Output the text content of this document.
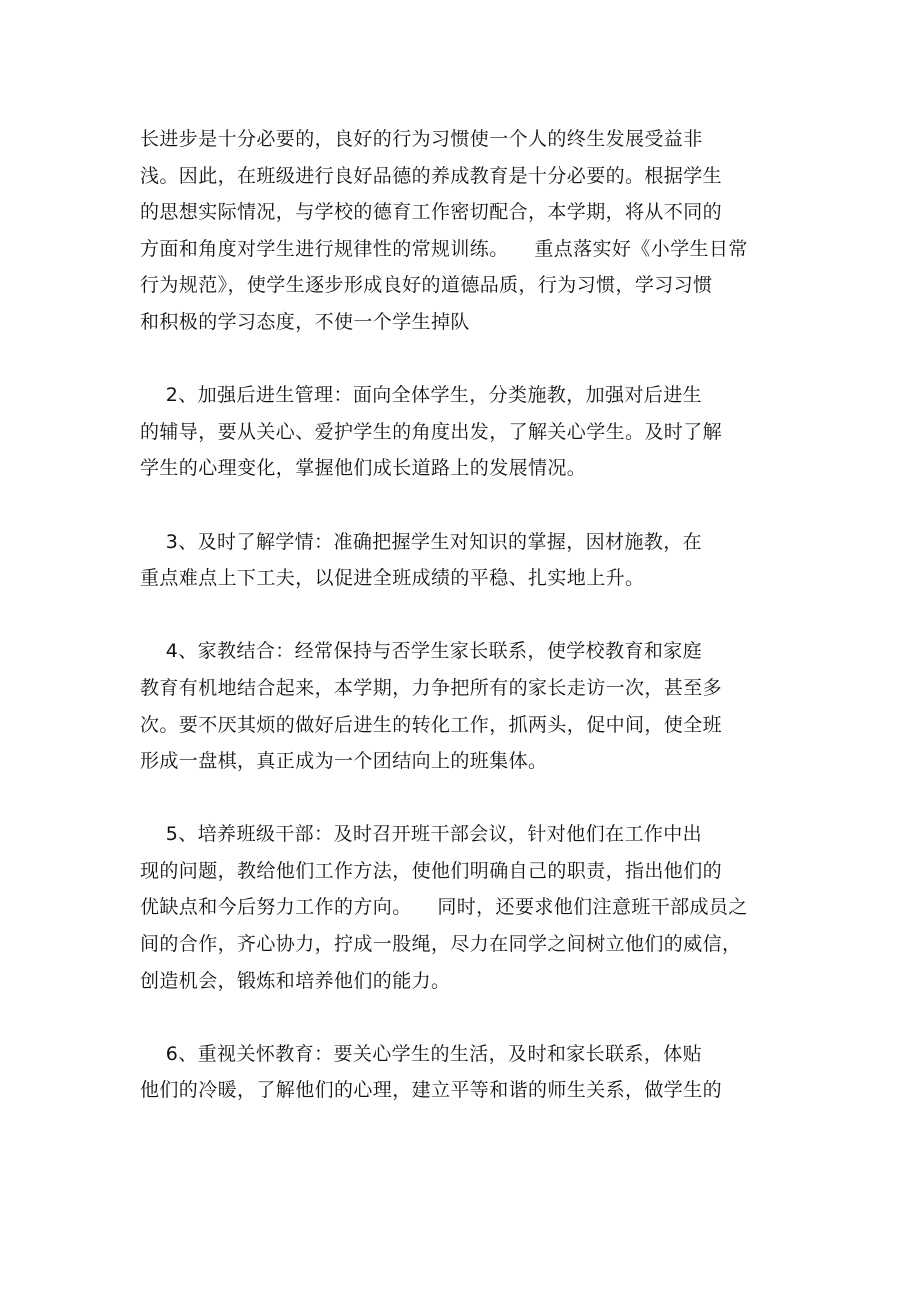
长进步是十分必要的，良好的行为习惯使一个人的终生发展受益非
浅。因此，在班级进行良好品德的养成教育是十分必要的。根据学生
的思想实际情况，与学校的德育工作密切配合，本学期，将从不同的
方面和角度对学生进行规律性的常规训练。    重点落实好《小学生日常
行为规范》，使学生逐步形成良好的道德品质，行为习惯，学习习惯
和积极的学习态度，不使一个学生掉队
2、加强后进生管理：面向全体学生，分类施教，加强对后进生
的辅导，要从关心、爱护学生的角度出发，了解关心学生。及时了解
学生的心理变化，掌握他们成长道路上的发展情况。
3、及时了解学情：准确把握学生对知识的掌握，因材施教，在
重点难点上下工夫，以促进全班成绩的平稳、扎实地上升。
4、家教结合：经常保持与否学生家长联系，使学校教育和家庭
教育有机地结合起来，本学期，力争把所有的家长走访一次，甚至多
次。要不厌其烦的做好后进生的转化工作，抓两头，促中间，使全班
形成一盘棋，真正成为一个团结向上的班集体。
5、培养班级干部：及时召开班干部会议，针对他们在工作中出
现的问题，教给他们工作方法，使他们明确自己的职责，指出他们的
优缺点和今后努力工作的方向。    同时，还要求他们注意班干部成员之
间的合作，齐心协力，拧成一股绳，尽力在同学之间树立他们的威信，
创造机会，锻炼和培养他们的能力。
6、重视关怀教育：要关心学生的生活，及时和家长联系，体贴
他们的冷暖，了解他们的心理，建立平等和谐的师生关系，做学生的
